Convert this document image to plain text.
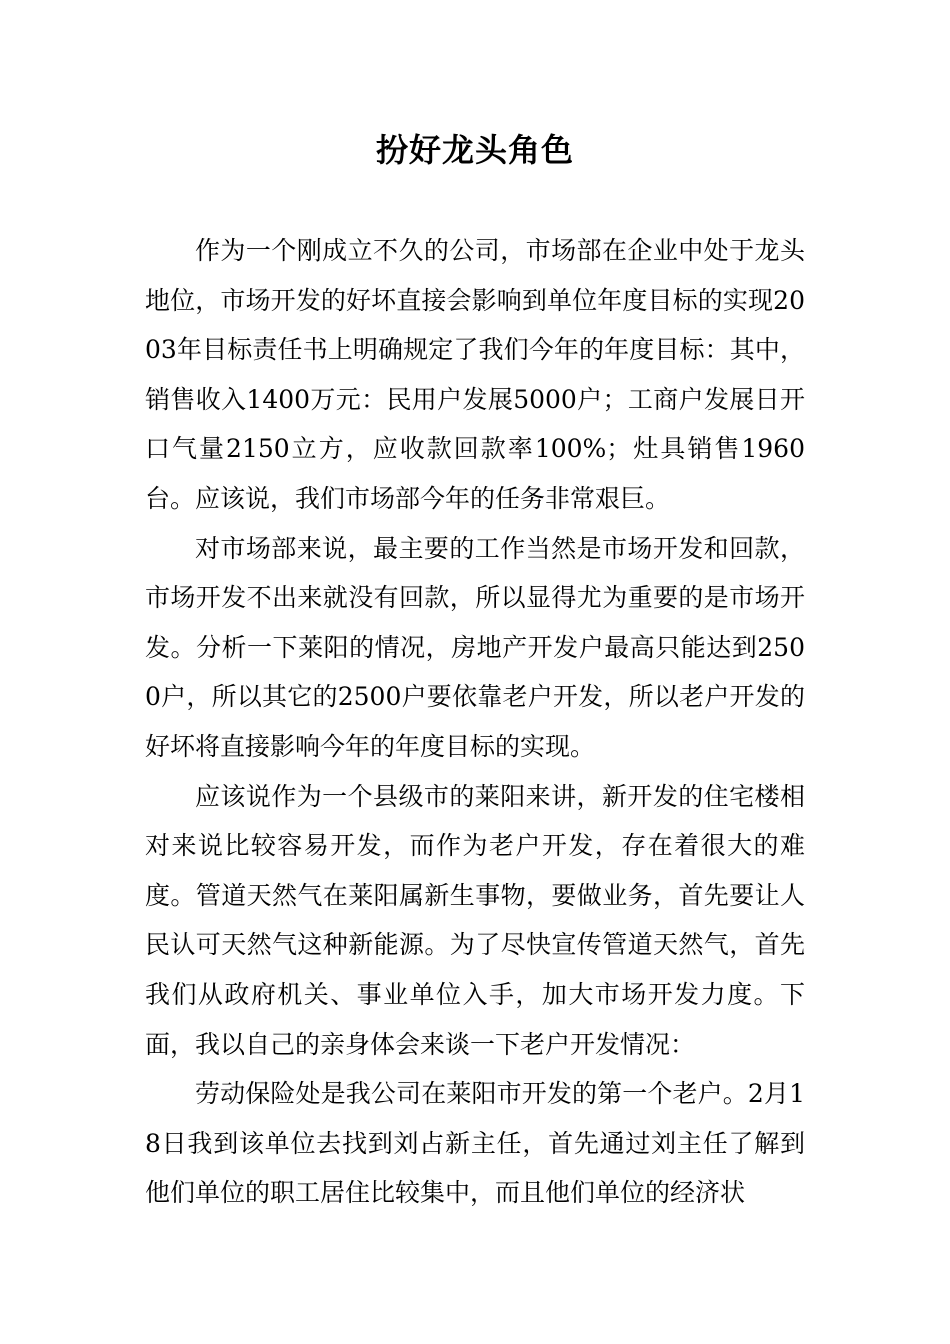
扮好龙头角色

作为一个刚成立不久的公司，市场部在企业中处于龙头地位，市场开发的好坏直接会影响到单位年度目标的实现2003年目标责任书上明确规定了我们今年的年度目标：其中，销售收入1400万元：民用户发展5000户；工商户发展日开口气量2150立方，应收款回款率100%；灶具销售1960台。应该说，我们市场部今年的任务非常艰巨。

对市场部来说，最主要的工作当然是市场开发和回款，市场开发不出来就没有回款，所以显得尤为重要的是市场开发。分析一下莱阳的情况，房地产开发户最高只能达到2500户，所以其它的2500户要依靠老户开发，所以老户开发的好坏将直接影响今年的年度目标的实现。

应该说作为一个县级市的莱阳来讲，新开发的住宅楼相对来说比较容易开发，而作为老户开发，存在着很大的难度。管道天然气在莱阳属新生事物，要做业务，首先要让人民认可天然气这种新能源。为了尽快宣传管道天然气，首先我们从政府机关、事业单位入手，加大市场开发力度。下面，我以自己的亲身体会来谈一下老户开发情况：

劳动保险处是我公司在莱阳市开发的第一个老户。2月18日我到该单位去找到刘占新主任，首先通过刘主任了解到他们单位的职工居住比较集中，而且他们单位的经济状
